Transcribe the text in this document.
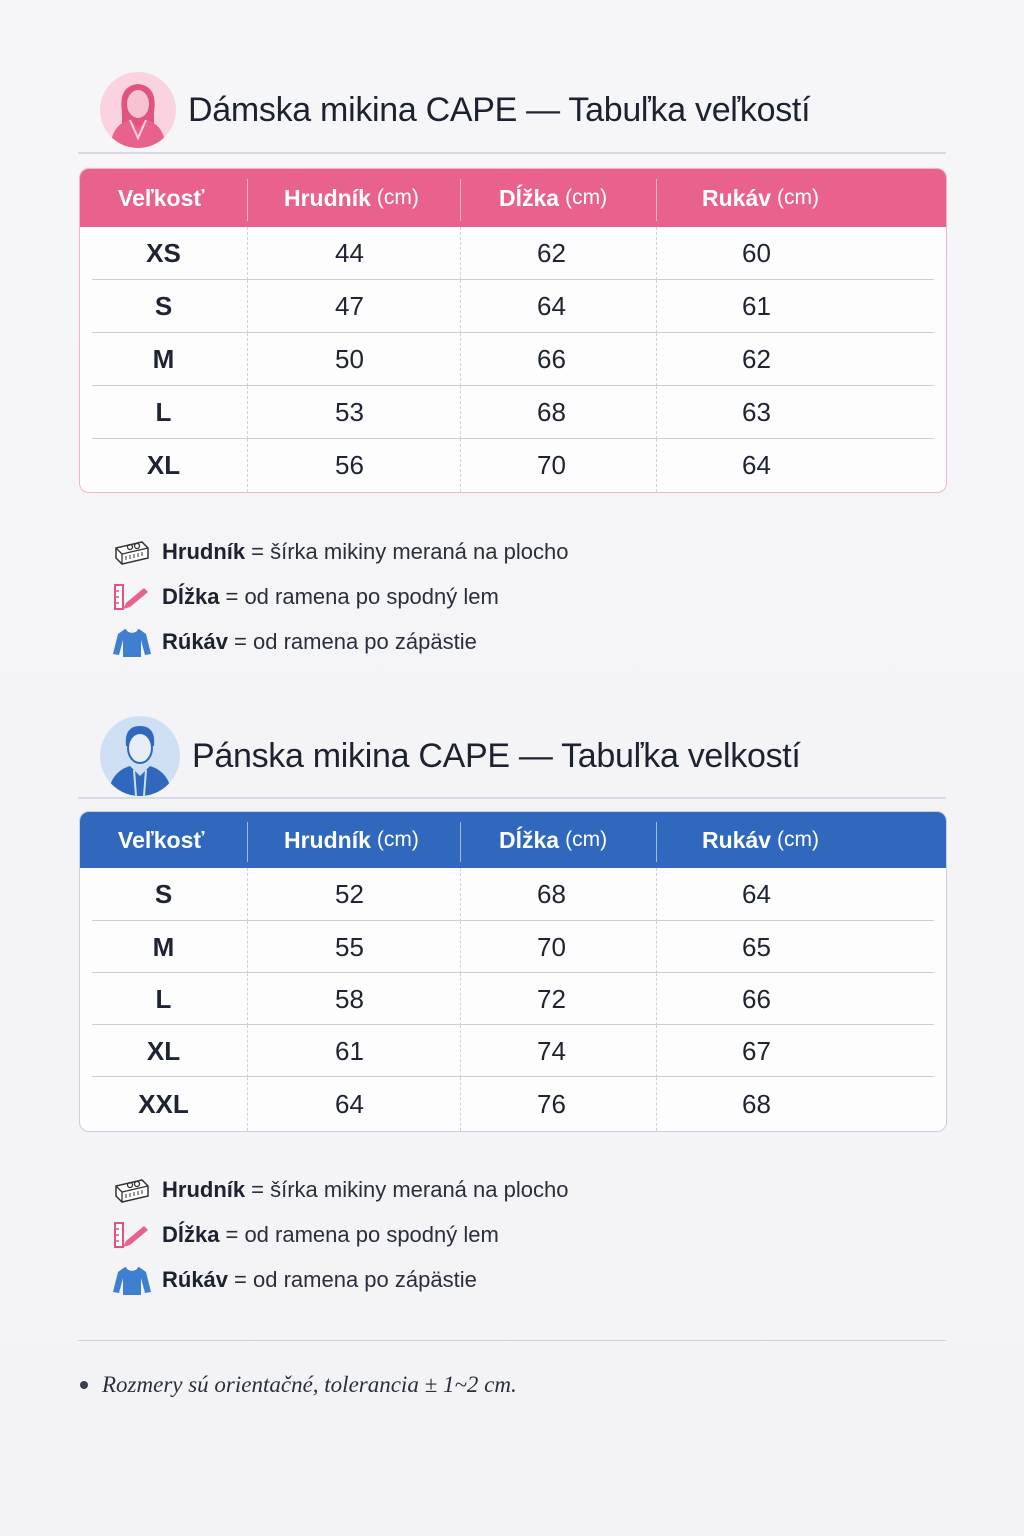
Dámska mikina CAPE — Tabuľka veľkostí
Veľkosť	Hrudník (cm)	Dĺžka (cm)	Rukáv (cm)
XS	44	62	60
S	47	64	61
M	50	66	62
L	53	68	63
XL	56	70	64
Hrudník = šírka mikiny meraná na plocho
Dĺžka = od ramena po spodný lem
Rúkáv = od ramena po zápästie
Pánska mikina CAPE — Tabuľka velkostí
Veľkosť	Hrudník (cm)	Dĺžka (cm)	Rukáv (cm)
S	52	68	64
M	55	70	65
L	58	72	66
XL	61	74	67
XXL	64	76	68
Hrudník = šírka mikiny meraná na plocho
Dĺžka = od ramena po spodný lem
Rúkáv = od ramena po zápästie
Rozmery sú orientačné, tolerancia ± 1~2 cm.
